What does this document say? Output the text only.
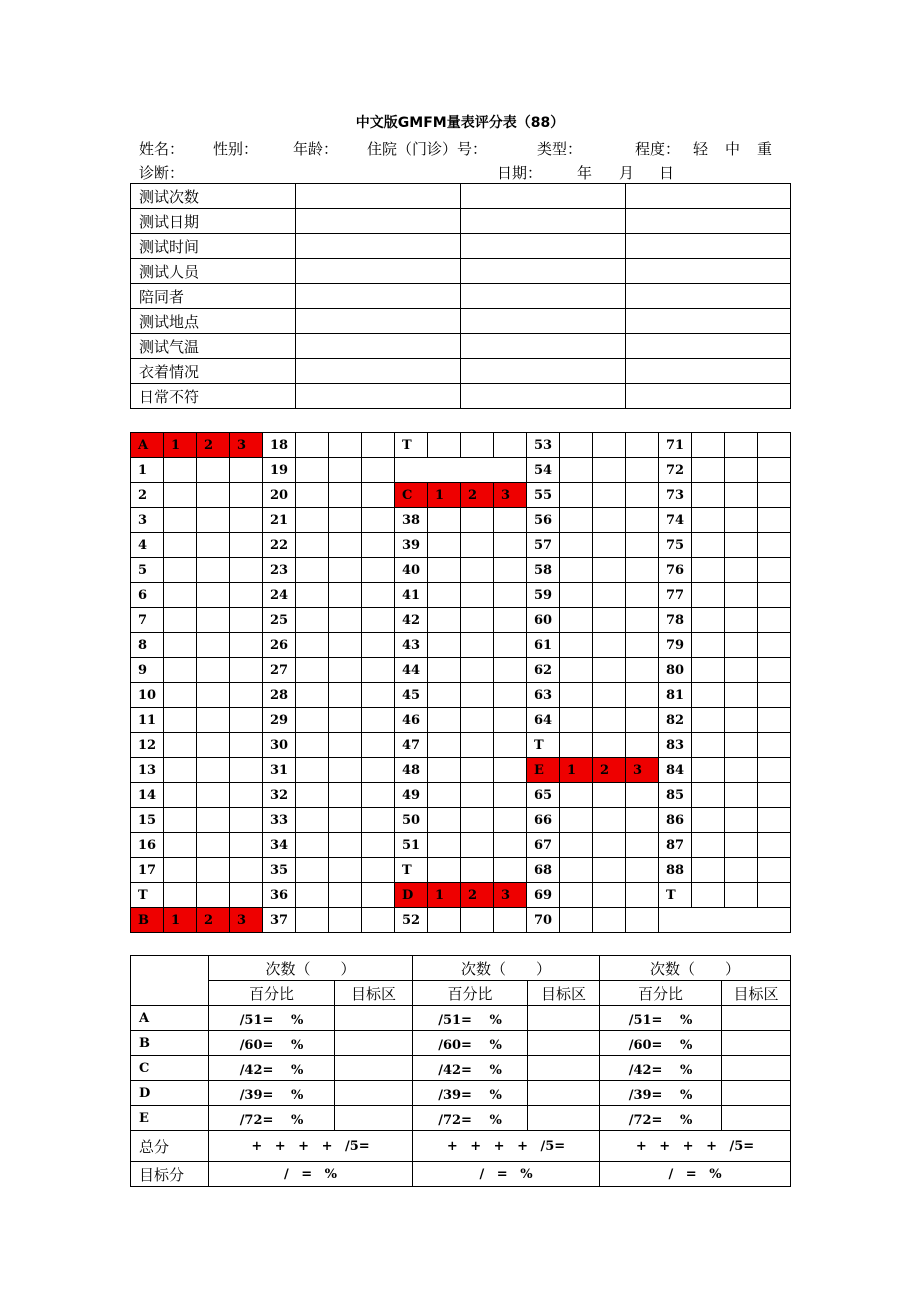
中文版GMFM量表评分表（88）
姓名： 性别： 年龄： 住院（门诊）号：	类型：	程度： 轻 中 重
诊断：	日期： 年 月 日
测试次数			
测试日期			
测试时间			
测试人员			
陪同者			
测试地点			
测试气温			
衣着情况			
日常不符			
A	1	2	3	18				T				53				71			
1				19								54				72			
2				20				C	1	2	3	55				73			
3				21				38				56				74			
4				22				39				57				75			
5				23				40				58				76			
6				24				41				59				77			
7				25				42				60				78			
8				26				43				61				79			
9				27				44				62				80			
10				28				45				63				81			
11				29				46				64				82			
12				30				47				T				83			
13				31				48				E	1	2	3	84			
14				32				49				65				85			
15				33				50				66				86			
16				34				51				67				87			
17				35				T				68				88			
T				36				D	1	2	3	69				T			
B	1	2	3	37				52				70							
	次数（　　）		次数（　　）		次数（　　）	
	百分比	目标区	百分比	目标区	百分比	目标区
A	/51=　 %		/51=　 %		/51=　 %	
B	/60=　 %		/60=　 %		/60=　 %	
C	/42=　 %		/42=　 %		/42=　 %	
D	/39=　 %		/39=　 %		/39=　 %	
E	/72=　 %		/72=　 %		/72=　 %	
总分	+ + + + /5=		+ + + + /5=		+ + + + /5=	
目标分	/ = %		/ = %		/ = %	
